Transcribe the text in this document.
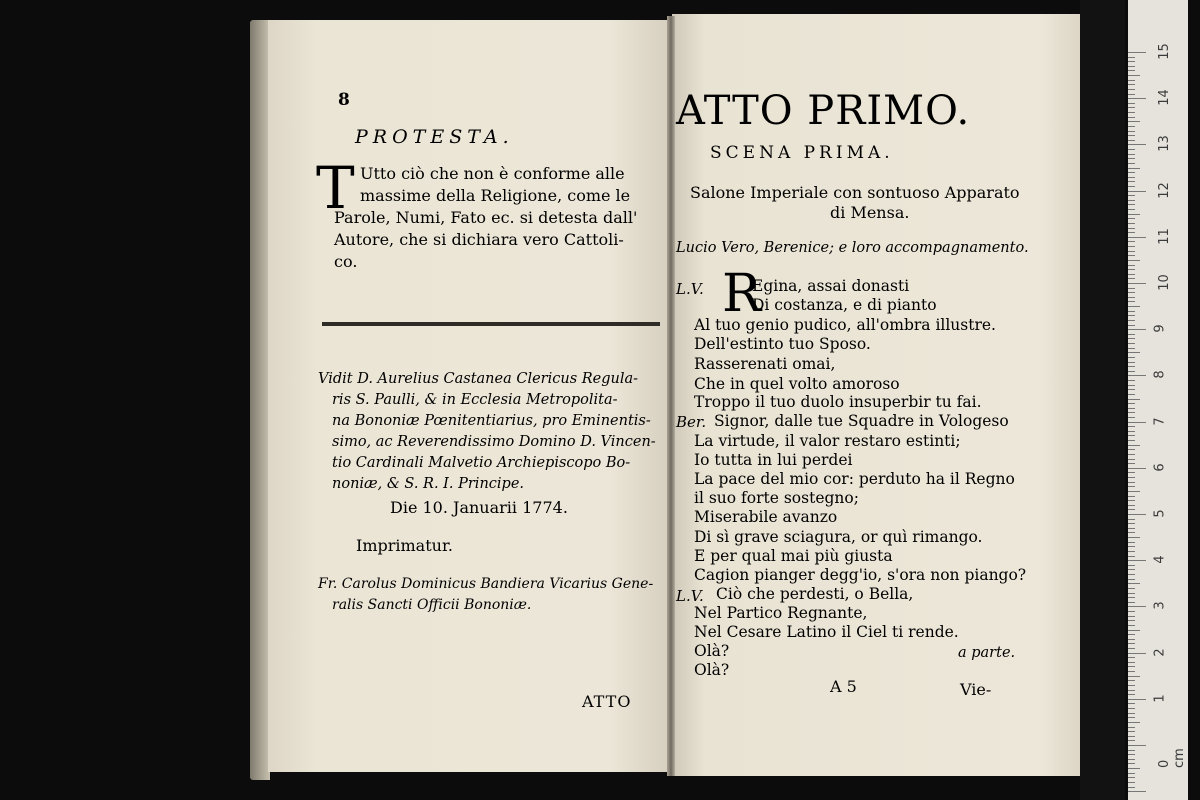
8
PROTESTA.
T Utto ciò che non è conforme alle
massime della Religione, come le
Parole, Numi, Fato ec. si detesta dall'
Autore, che si dichiara vero Cattoli-
co.
Vidit D. Aurelius Castanea Clericus Regula-
ris S. Paulli, & in Ecclesia Metropolita-
na Bononiæ Pœnitentiarius, pro Eminentis-
simo, ac Reverendissimo Domino D. Vincen-
tio Cardinali Malvetio Archiepiscopo Bo-
noniæ, & S. R. I. Principe.
Die 10. Januarii 1774.
Imprimatur.
Fr. Carolus Dominicus Bandiera Vicarius Gene-
ralis Sancti Officii Bononiæ.
ATTO
ATTO PRIMO.
SCENA PRIMA.
Salone Imperiale con sontuoso Apparato
di Mensa.
Lucio Vero, Berenice; e loro accompagnamento.
R
L.V.	Egina, assai donasti
Di costanza, e di pianto
Al tuo genio pudico, all'ombra illustre.
Dell'estinto tuo Sposo.
Rasserenati omai,
Che in quel volto amoroso
Troppo il tuo duolo insuperbir tu fai.
Ber. Signor, dalle tue Squadre in Vologeso
La virtude, il valor restaro estinti;
Io tutta in lui perdei
La pace del mio cor: perduto ha il Regno
il suo forte sostegno;
Miserabile avanzo
Di sì grave sciagura, or quì rimango.
E per qual mai più giusta
Cagion pianger degg'io, s'ora non piango?
L.V. Ciò che perdesti, o Bella,
Nel Partico Regnante,
Nel Cesare Latino il Ciel ti rende.
Olà?
Olà?
a parte.
A 5	Vie-
15
14
13
12
11
10
9
8
7
6
5
4
3
2
1
0 cm
